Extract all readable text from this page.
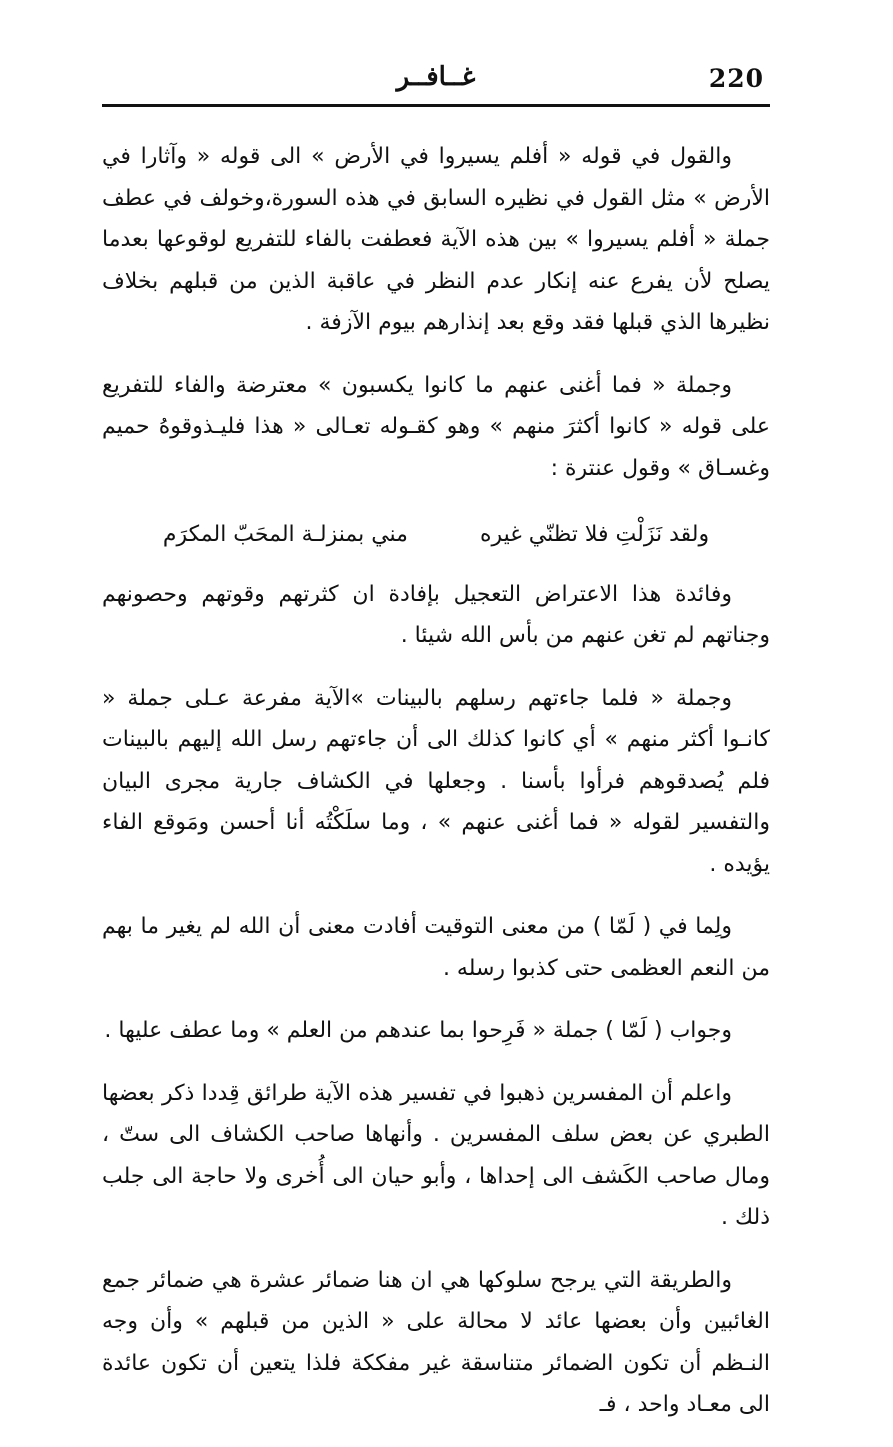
220
غــافــر

والقول في قوله « أفلم يسيروا في الأرض » الى قوله « وآثارا في الأرض » مثل القول في نظيره السابق في هذه السورة،وخولف في عطف جملة « أفلم يسيروا » بين هذه الآية فعطفت بالفاء للتفريع لوقوعها بعدما يصلح لأن يفرع عنه إنكار عدم النظر في عاقبة الذين من قبلهم بخلاف نظيرها الذي قبلها فقد وقع بعد إنذارهم بيوم الآزفة .

وجملة « فما أغنى عنهم ما كانوا يكسبون » معترضة والفاء للتفريع على قوله « كانوا أكثرَ منهم » وهو كقـوله تعـالى « هذا فليـذوقوهُ حميم وغسـاق » وقول عنترة :

ولقد نَزَلْتِ فلا تظنّي غيره
مني بمنزلـة المحَبّ المكرَم

وفائدة هذا الاعتراض التعجيل بإفادة ان كثرتهم وقوتهم وحصونهم وجناتهم لم تغن عنهم من بأس الله شيئا .

وجملة « فلما جاءتهم رسلهم بالبينات »الآية مفرعة عـلى جملة « كانـوا أكثر منهم » أي كانوا كذلك الى أن جاءتهم رسل الله إليهم بالبينات فلم يُصدقوهم فرأوا بأسنا . وجعلها في الكشاف جارية مجرى البيان والتفسير لقوله « فما أغنى عنهم » ، وما سلَكْتُه أنا أحسن ومَوقع الفاء يؤيده .

ولِما في ( لَمّا ) من معنى التوقيت أفادت معنى أن الله لم يغير ما بهم من النعم العظمى حتى كذبوا رسله .

وجواب ( لَمّا ) جملة « فَرِحوا بما عندهم من العلم » وما عطف عليها .

واعلم أن المفسرين ذهبوا في تفسير هذه الآية طرائق قِددا ذكر بعضها الطبري عن بعض سلف المفسرين . وأنهاها صاحب الكشاف الى ستّ ، ومال صاحب الكَشف الى إحداها ، وأبو حيان الى أُخرى ولا حاجة الى جلب ذلك .

والطريقة التي يرجح سلوكها هي ان هنا ضمائر عشرة هي ضمائر جمع الغائبين وأن بعضها عائد لا محالة على « الذين من قبلهم » وأن وجه النـظم أن تكون الضمائر متناسقة غير مفككة فلذا يتعين أن تكون عائدة الى معـاد واحد ، فـ
